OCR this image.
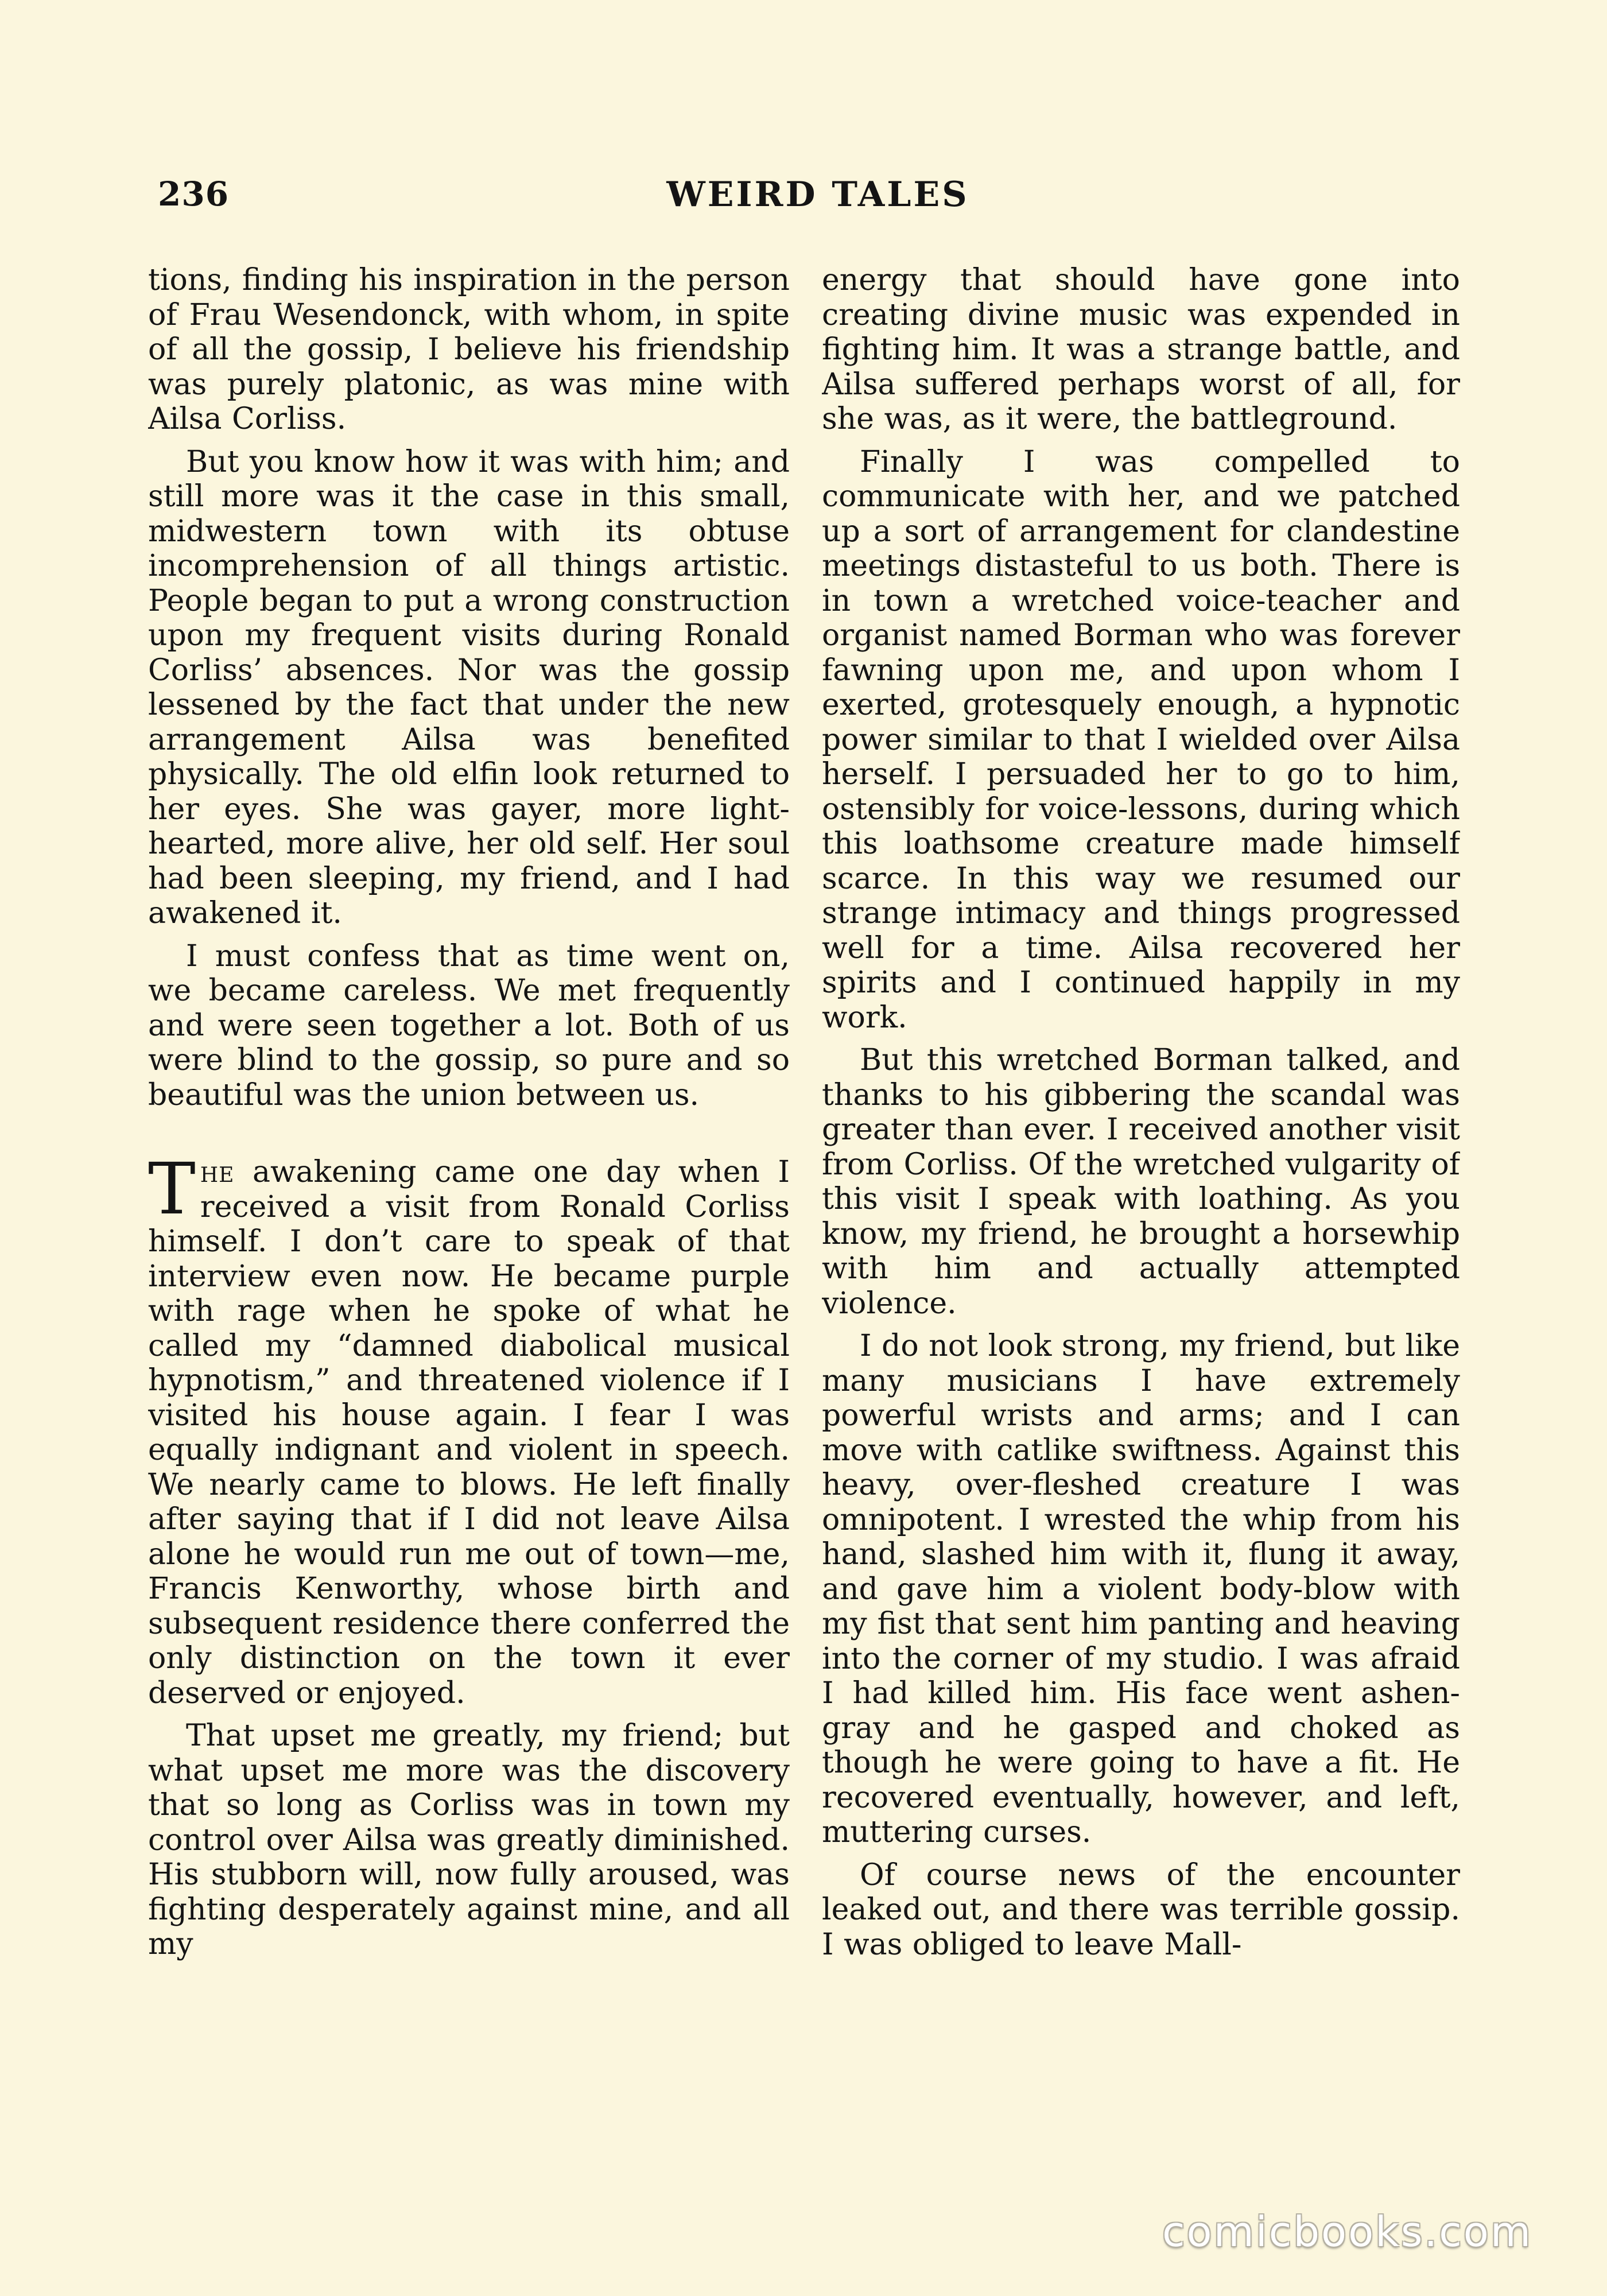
236	WEIRD TALES

tions, finding his inspiration in the person of Frau Wesendonck, with whom, in spite of all the gossip, I believe his friendship was purely platonic, as was mine with Ailsa Corliss.

But you know how it was with him; and still more was it the case in this small, midwestern town with its obtuse incomprehension of all things artistic. People began to put a wrong construction upon my frequent visits during Ronald Corliss’ absences. Nor was the gossip lessened by the fact that under the new arrangement Ailsa was benefited physically. The old elfin look returned to her eyes. She was gayer, more light-hearted, more alive, her old self. Her soul had been sleeping, my friend, and I had awakened it.

I must confess that as time went on, we became careless. We met frequently and were seen together a lot. Both of us were blind to the gossip, so pure and so beautiful was the union between us.

The awakening came one day when I received a visit from Ronald Corliss himself. I don’t care to speak of that interview even now. He became purple with rage when he spoke of what he called my “damned diabolical musical hypnotism,” and threatened violence if I visited his house again. I fear I was equally indignant and violent in speech. We nearly came to blows. He left finally after saying that if I did not leave Ailsa alone he would run me out of town—me, Francis Kenworthy, whose birth and subsequent residence there conferred the only distinction on the town it ever deserved or enjoyed.

That upset me greatly, my friend; but what upset me more was the discovery that so long as Corliss was in town my control over Ailsa was greatly diminished. His stubborn will, now fully aroused, was fighting desperately against mine, and all my

energy that should have gone into creating divine music was expended in fighting him. It was a strange battle, and Ailsa suffered perhaps worst of all, for she was, as it were, the battleground.

Finally I was compelled to communicate with her, and we patched up a sort of arrangement for clandestine meetings distasteful to us both. There is in town a wretched voice-teacher and organist named Borman who was forever fawning upon me, and upon whom I exerted, grotesquely enough, a hypnotic power similar to that I wielded over Ailsa herself. I persuaded her to go to him, ostensibly for voice-lessons, during which this loathsome creature made himself scarce. In this way we resumed our strange intimacy and things progressed well for a time. Ailsa recovered her spirits and I continued happily in my work.

But this wretched Borman talked, and thanks to his gibbering the scandal was greater than ever. I received another visit from Corliss. Of the wretched vulgarity of this visit I speak with loathing. As you know, my friend, he brought a horsewhip with him and actually attempted violence.

I do not look strong, my friend, but like many musicians I have extremely powerful wrists and arms; and I can move with catlike swiftness. Against this heavy, over-fleshed creature I was omnipotent. I wrested the whip from his hand, slashed him with it, flung it away, and gave him a violent body-blow with my fist that sent him panting and heaving into the corner of my studio. I was afraid I had killed him. His face went ashen-gray and he gasped and choked as though he were going to have a fit. He recovered eventually, however, and left, muttering curses.

Of course news of the encounter leaked out, and there was terrible gossip. I was obliged to leave Mall-

comicbooks.com
